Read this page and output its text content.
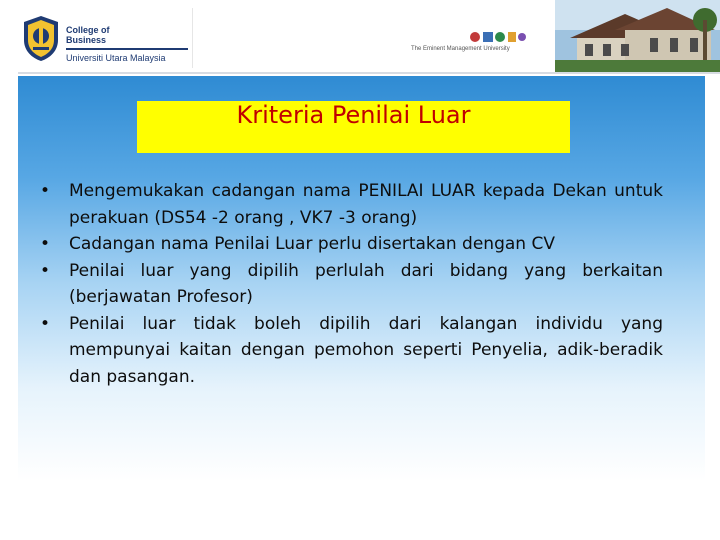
College of
Business
Universiti Utara Malaysia
The Eminent Management University
Kriteria Penilai Luar
• Mengemukakan cadangan nama PENILAI LUAR kepada Dekan untuk perakuan (DS54 -2 orang , VK7 -3 orang)
• Cadangan nama Penilai Luar perlu disertakan dengan CV
• Penilai luar yang dipilih perlulah dari bidang yang berkaitan (berjawatan Profesor)
• Penilai luar tidak boleh dipilih dari kalangan individu yang mempunyai kaitan dengan pemohon seperti Penyelia, adik-beradik dan pasangan.
